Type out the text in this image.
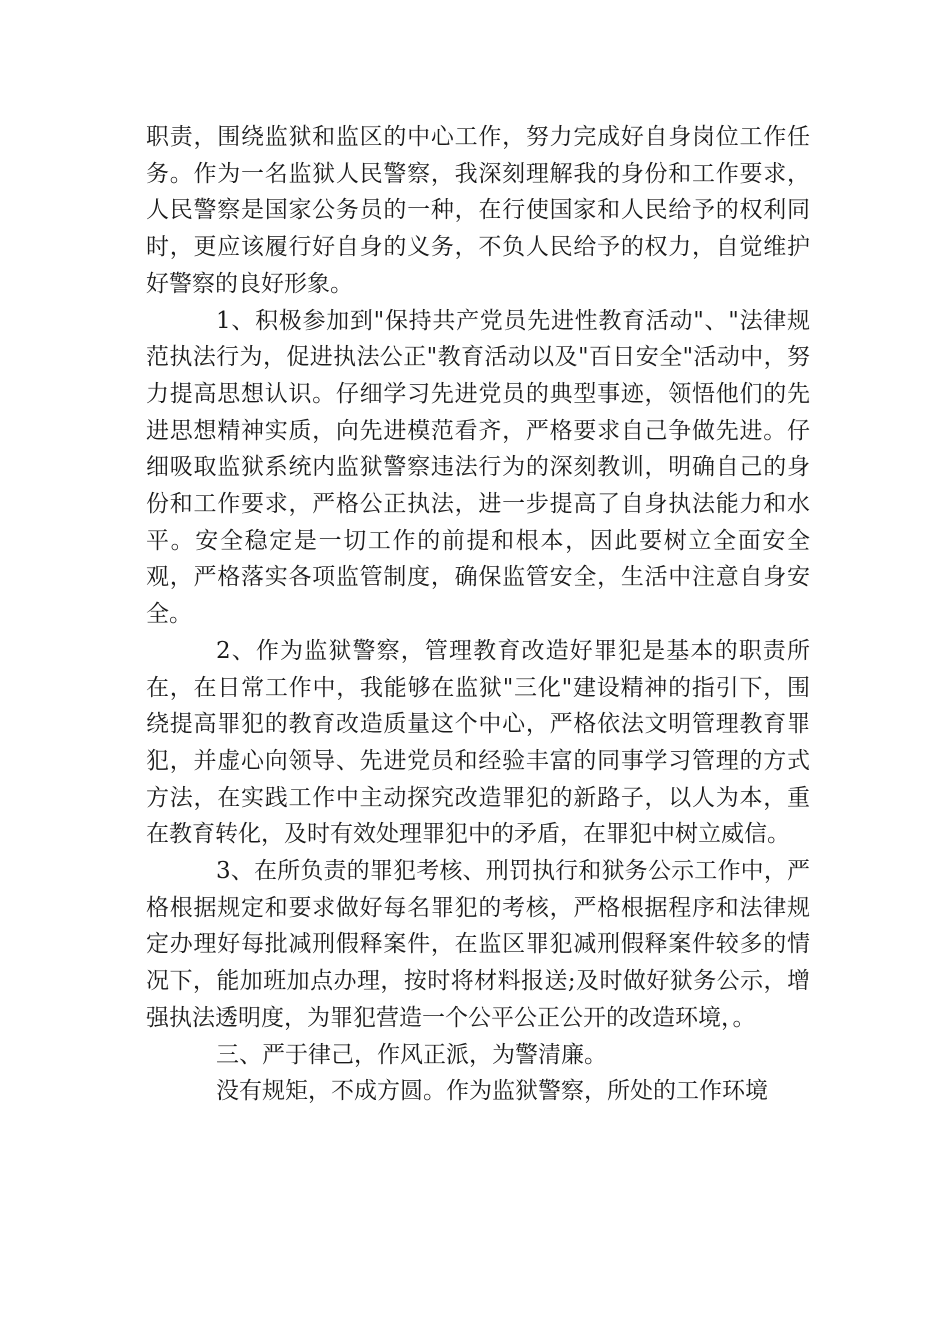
职责，围绕监狱和监区的中心工作，努力完成好自身岗位工作任务。作为一名监狱人民警察，我深刻理解我的身份和工作要求，人民警察是国家公务员的一种，在行使国家和人民给予的权利同时，更应该履行好自身的义务，不负人民给予的权力，自觉维护好警察的良好形象。

1、积极参加到"保持共产党员先进性教育活动"、"法律规范执法行为，促进执法公正"教育活动以及"百日安全"活动中，努力提高思想认识。仔细学习先进党员的典型事迹，领悟他们的先进思想精神实质，向先进模范看齐，严格要求自己争做先进。仔细吸取监狱系统内监狱警察违法行为的深刻教训，明确自己的身份和工作要求，严格公正执法，进一步提高了自身执法能力和水平。安全稳定是一切工作的前提和根本，因此要树立全面安全观，严格落实各项监管制度，确保监管安全，生活中注意自身安全。

2、作为监狱警察，管理教育改造好罪犯是基本的职责所在，在日常工作中，我能够在监狱"三化"建设精神的指引下，围绕提高罪犯的教育改造质量这个中心，严格依法文明管理教育罪犯，并虚心向领导、先进党员和经验丰富的同事学习管理的方式方法，在实践工作中主动探究改造罪犯的新路子，以人为本，重在教育转化，及时有效处理罪犯中的矛盾，在罪犯中树立威信。

3、在所负责的罪犯考核、刑罚执行和狱务公示工作中，严格根据规定和要求做好每名罪犯的考核，严格根据程序和法律规定办理好每批减刑假释案件，在监区罪犯减刑假释案件较多的情况下，能加班加点办理，按时将材料报送;及时做好狱务公示，增强执法透明度，为罪犯营造一个公平公正公开的改造环境，。

三、严于律己，作风正派，为警清廉。

没有规矩，不成方圆。作为监狱警察，所处的工作环境
